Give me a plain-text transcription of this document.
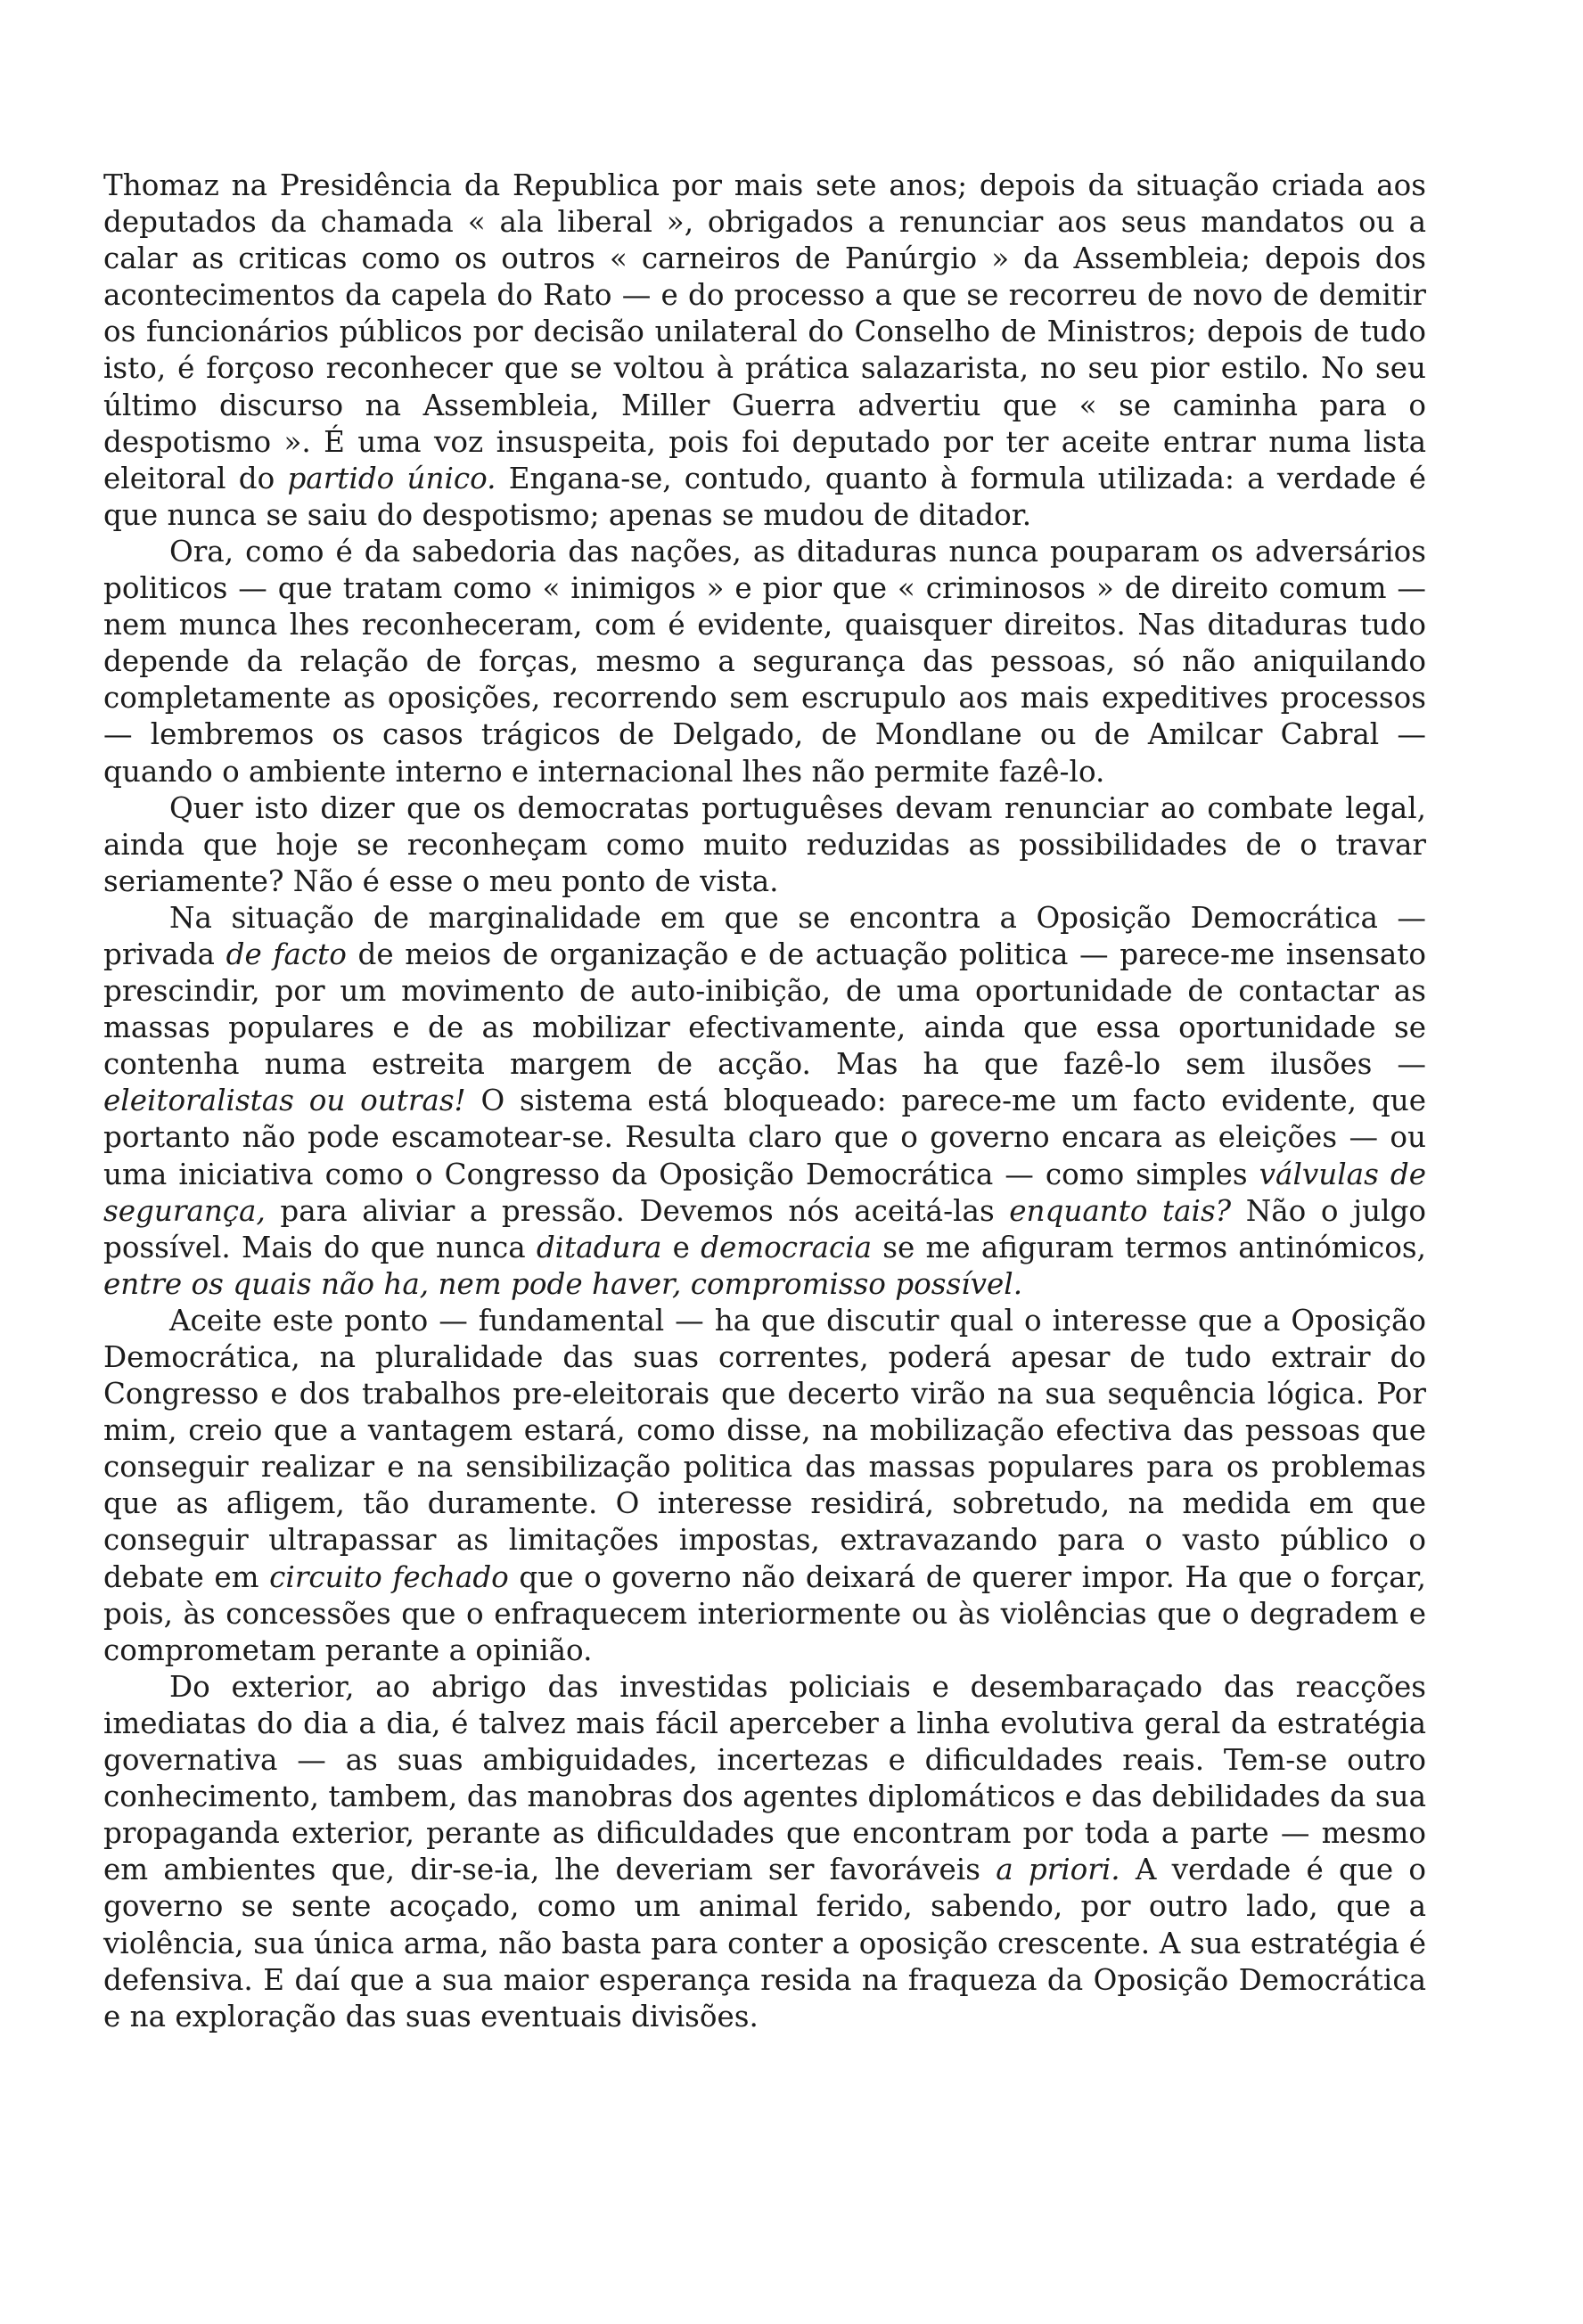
Thomaz na Presidência da Republica por mais sete anos; depois da situação criada aos deputados da chamada « ala liberal », obrigados a renunciar aos seus mandatos ou a calar as criticas como os outros « carneiros de Panúrgio » da Assembleia; depois dos acontecimentos da capela do Rato — e do processo a que se recorreu de novo de demitir os funcionários públicos por decisão unilateral do Conselho de Ministros; depois de tudo isto, é forçoso reconhecer que se voltou à prática salazarista, no seu pior estilo. No seu último discurso na Assembleia, Miller Guerra advertiu que « se caminha para o despotismo ». É uma voz insuspeita, pois foi deputado por ter aceite entrar numa lista eleitoral do partido único. Engana-se, contudo, quanto à formula utilizada: a verdade é que nunca se saiu do despotismo; apenas se mudou de ditador.

Ora, como é da sabedoria das nações, as ditaduras nunca pouparam os adversários politicos — que tratam como « inimigos » e pior que « criminosos » de direito comum — nem munca lhes reconheceram, com é evidente, quaisquer direitos. Nas ditaduras tudo depende da relação de forças, mesmo a segurança das pessoas, só não aniquilando completamente as oposições, recorrendo sem escrupulo aos mais expeditives processos — lembremos os casos trágicos de Delgado, de Mondlane ou de Amilcar Cabral — quando o ambiente interno e internacional lhes não permite fazê-lo.

Quer isto dizer que os democratas portuguêses devam renunciar ao combate legal, ainda que hoje se reconheçam como muito reduzidas as possibilidades de o travar seriamente? Não é esse o meu ponto de vista.

Na situação de marginalidade em que se encontra a Oposição Democrática — privada de facto de meios de organização e de actuação politica — parece-me insensato prescindir, por um movimento de auto-inibição, de uma oportunidade de contactar as massas populares e de as mobilizar efectivamente, ainda que essa oportunidade se contenha numa estreita margem de acção. Mas ha que fazê-lo sem ilusões — eleitoralistas ou outras! O sistema está bloqueado: parece-me um facto evidente, que portanto não pode escamotear-se. Resulta claro que o governo encara as eleições — ou uma iniciativa como o Congresso da Oposição Democrática — como simples válvulas de segurança, para aliviar a pressão. Devemos nós aceitá-las enquanto tais? Não o julgo possível. Mais do que nunca ditadura e democracia se me afiguram termos antinómicos, entre os quais não ha, nem pode haver, compromisso possível.

Aceite este ponto — fundamental — ha que discutir qual o interesse que a Oposição Democrática, na pluralidade das suas correntes, poderá apesar de tudo extrair do Congresso e dos trabalhos pre-eleitorais que decerto virão na sua sequência lógica. Por mim, creio que a vantagem estará, como disse, na mobilização efectiva das pessoas que conseguir realizar e na sensibilização politica das massas populares para os problemas que as afligem, tão duramente. O interesse residirá, sobretudo, na medida em que conseguir ultrapassar as limitações impostas, extravazando para o vasto público o debate em circuito fechado que o governo não deixará de querer impor. Ha que o forçar, pois, às concessões que o enfraquecem interiormente ou às violências que o degradem e comprometam perante a opinião.

Do exterior, ao abrigo das investidas policiais e desembaraçado das reacções imediatas do dia a dia, é talvez mais fácil aperceber a linha evolutiva geral da estratégia governativa — as suas ambiguidades, incertezas e dificuldades reais. Tem-se outro conhecimento, tambem, das manobras dos agentes diplomáticos e das debilidades da sua propaganda exterior, perante as dificuldades que encontram por toda a parte — mesmo em ambientes que, dir-se-ia, lhe deveriam ser favoráveis a priori. A verdade é que o governo se sente acoçado, como um animal ferido, sabendo, por outro lado, que a violência, sua única arma, não basta para conter a oposição crescente. A sua estratégia é defensiva. E daí que a sua maior esperança resida na fraqueza da Oposição Democrática e na exploração das suas eventuais divisões.
